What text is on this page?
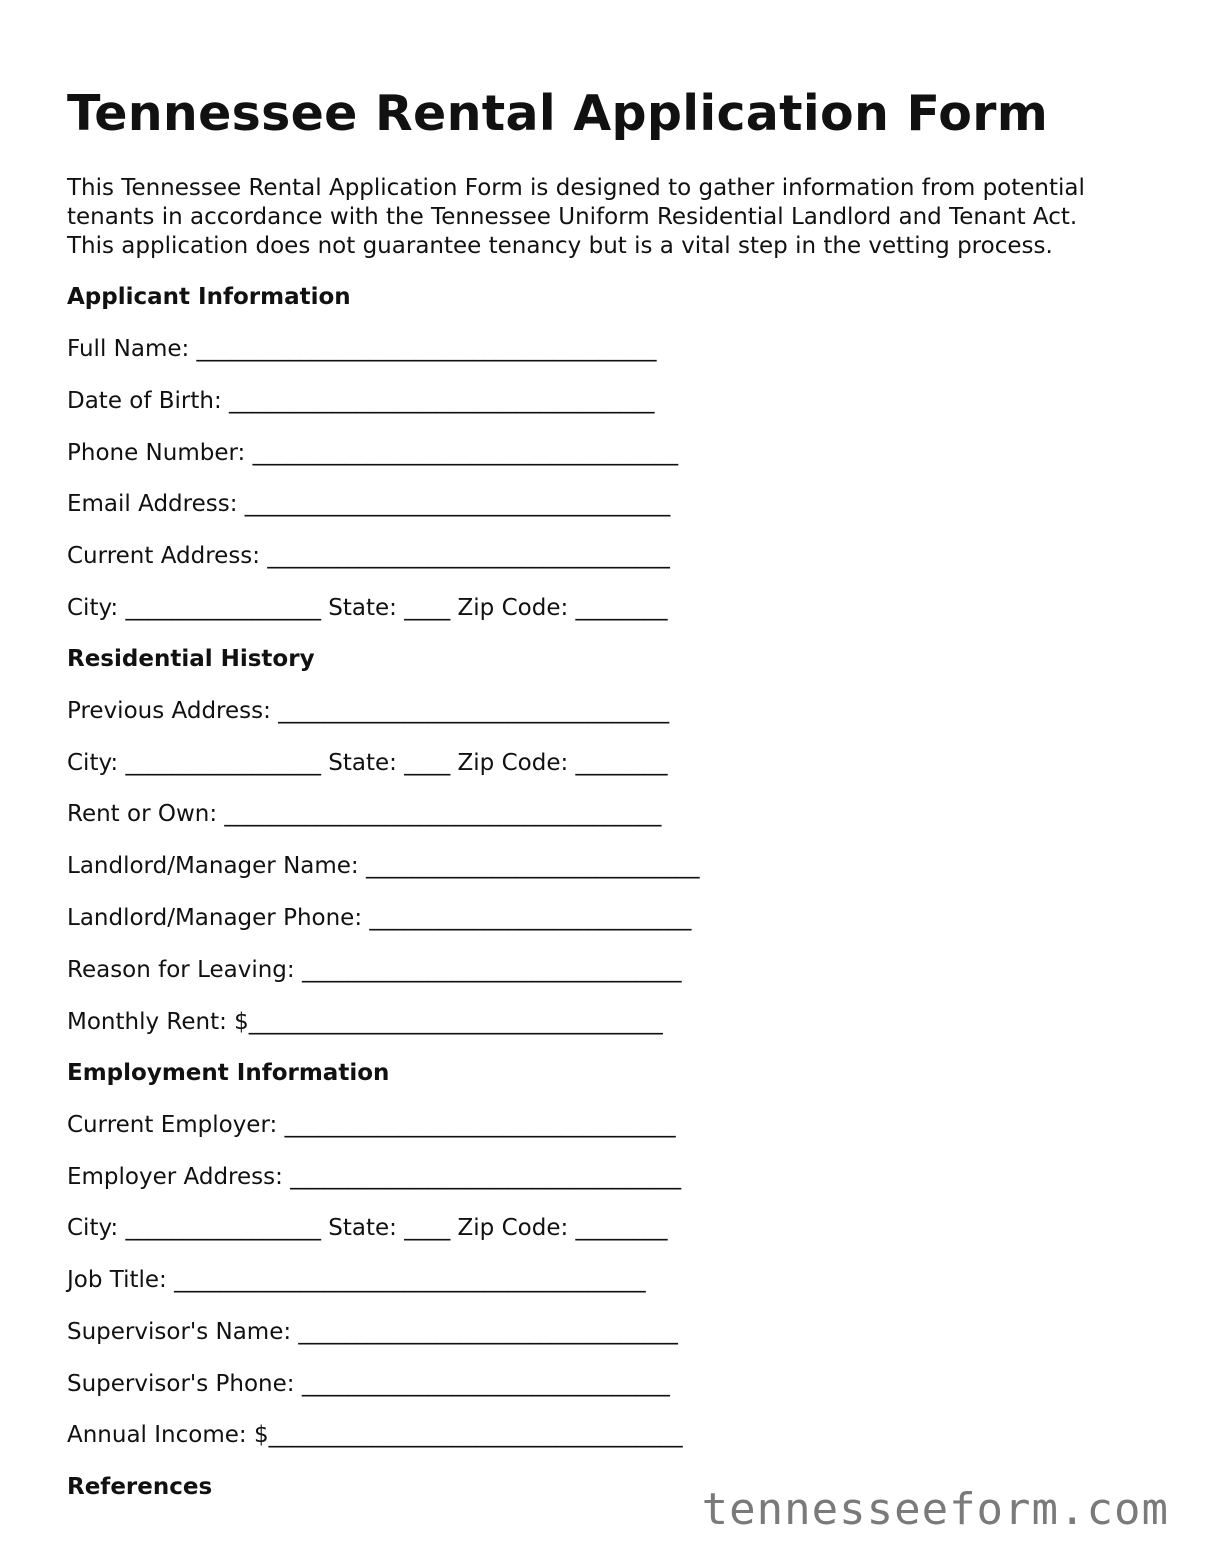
Tennessee Rental Application Form

This Tennessee Rental Application Form is designed to gather information from potential
tenants in accordance with the Tennessee Uniform Residential Landlord and Tenant Act.
This application does not guarantee tenancy but is a vital step in the vetting process.

Applicant Information
Full Name: ________________________________________
Date of Birth: _____________________________________
Phone Number: _____________________________________
Email Address: _____________________________________
Current Address: ___________________________________
City: _________________ State: ____ Zip Code: ________
Residential History
Previous Address: __________________________________
City: _________________ State: ____ Zip Code: ________
Rent or Own: ______________________________________
Landlord/Manager Name: _____________________________
Landlord/Manager Phone: ____________________________
Reason for Leaving: _________________________________
Monthly Rent: $____________________________________
Employment Information
Current Employer: __________________________________
Employer Address: __________________________________
City: _________________ State: ____ Zip Code: ________
Job Title: _________________________________________
Supervisor's Name: _________________________________
Supervisor's Phone: ________________________________
Annual Income: $____________________________________
References	tennesseeform.com
